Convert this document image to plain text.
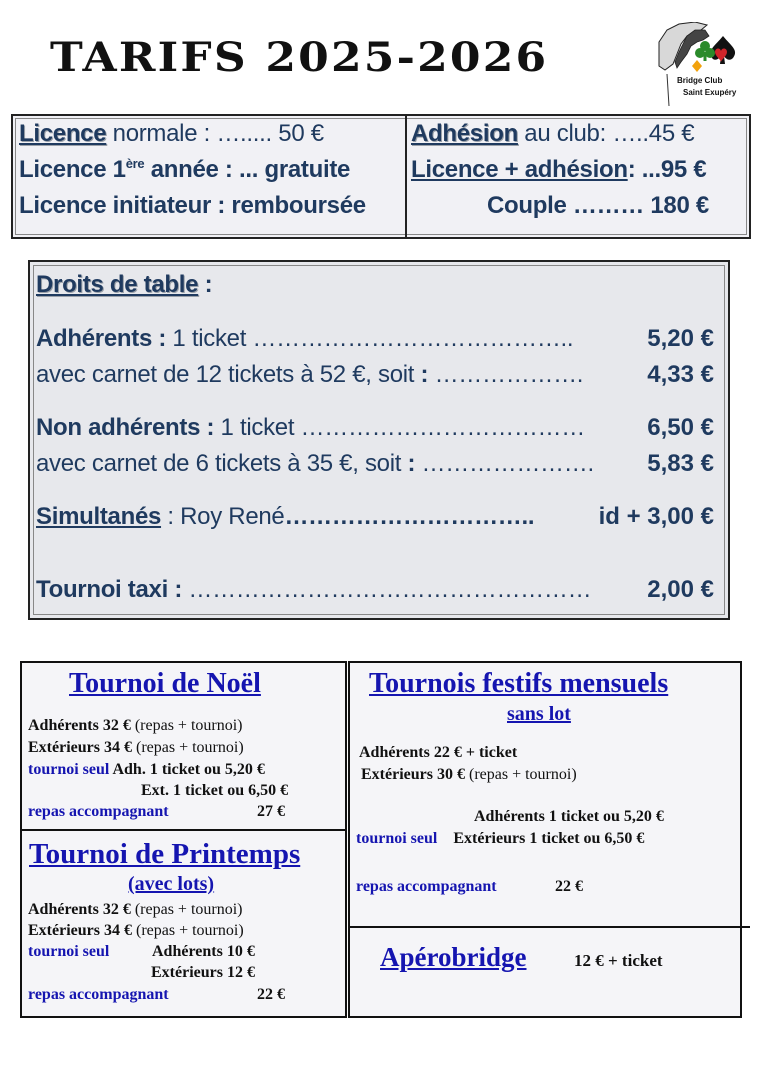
TARIFS 2025-2026	Bridge Club
Saint Exupéry
Licence normale : …..... 50 €
Licence 1ère année : ... gratuite
Licence initiateur : remboursée
Adhésion au club: …..45 €
Licence + adhésion: ...95 €
Couple ……… 180 €
Droits de table :
Adhérents : 1 ticket …………………………………..	5,20 €
avec carnet de 12 tickets à 52 €, soit : ……………….	4,33 €
Non adhérents : 1 ticket ………………………………	6,50 €
avec carnet de 6 tickets à 35 €, soit : …………………. 5,83 €
Simultanés : Roy René…………………………..	id + 3,00 €
Tournoi taxi : …………………………………………… 2,00 €
Tournoi de Noël
Adhérents 32 € (repas + tournoi)
Extérieurs 34 € (repas + tournoi)
tournoi seul Adh. 1 ticket ou 5,20 €
Ext. 1 ticket ou 6,50 €
repas accompagnant	27 €
Tournoi de Printemps
(avec lots)
Adhérents 32 € (repas + tournoi)
Extérieurs 34 € (repas + tournoi)
tournoi seul	Adhérents 10 €
Extérieurs 12 €
repas accompagnant	22 €
Tournois festifs mensuels
sans lot
Adhérents 22 € + ticket
Extérieurs 30 € (repas + tournoi)
Adhérents 1 ticket ou 5,20 €
tournoi seul Extérieurs 1 ticket ou 6,50 €
repas accompagnant	22 €
Apérobridge	12 € + ticket
